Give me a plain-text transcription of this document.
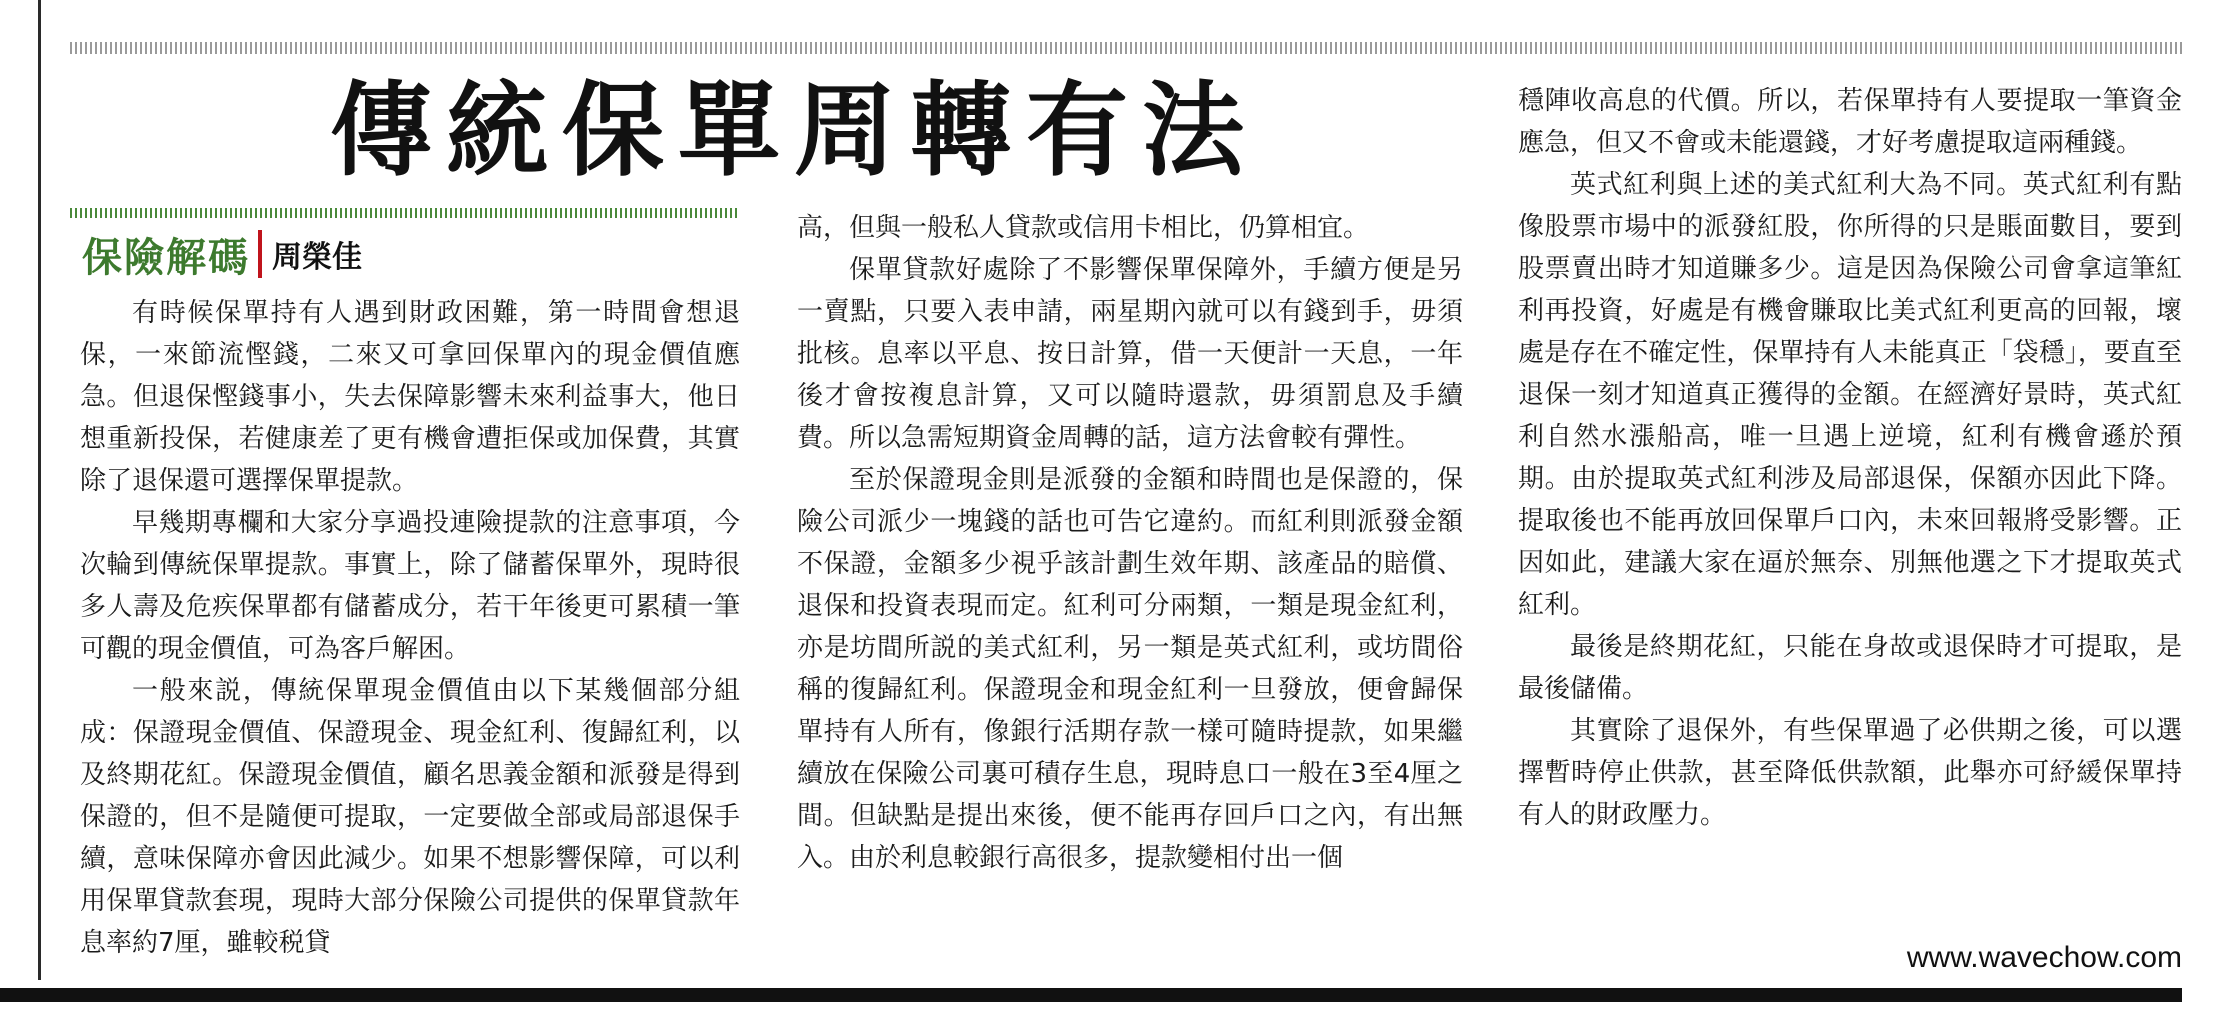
傳統保單周轉有法
保險解碼 周榮佳

有時候保單持有人遇到財政困難，第一時間會想退保，一來節流慳錢，二來又可拿回保單內的現金價值應急。但退保慳錢事小，失去保障影響未來利益事大，他日想重新投保，若健康差了更有機會遭拒保或加保費，其實除了退保還可選擇保單提款。

早幾期專欄和大家分享過投連險提款的注意事項，今次輪到傳統保單提款。事實上，除了儲蓄保單外，現時很多人壽及危疾保單都有儲蓄成分，若干年後更可累積一筆可觀的現金價值，可為客戶解困。

一般來説，傳統保單現金價值由以下某幾個部分組成：保證現金價值、保證現金、現金紅利、復歸紅利，以及終期花紅。保證現金價值，顧名思義金額和派發是得到保證的，但不是隨便可提取，一定要做全部或局部退保手續，意味保障亦會因此減少。如果不想影響保障，可以利用保單貸款套現，現時大部分保險公司提供的保單貸款年息率約7厘，雖較税貸

高，但與一般私人貸款或信用卡相比，仍算相宜。

保單貸款好處除了不影響保單保障外，手續方便是另一賣點，只要入表申請，兩星期內就可以有錢到手，毋須批核。息率以平息、按日計算，借一天便計一天息，一年後才會按複息計算，又可以隨時還款，毋須罰息及手續費。所以急需短期資金周轉的話，這方法會較有彈性。

至於保證現金則是派發的金額和時間也是保證的，保險公司派少一塊錢的話也可告它違約。而紅利則派發金額不保證，金額多少視乎該計劃生效年期、該產品的賠償、退保和投資表現而定。紅利可分兩類，一類是現金紅利，亦是坊間所説的美式紅利，另一類是英式紅利，或坊間俗稱的復歸紅利。保證現金和現金紅利一旦發放，便會歸保單持有人所有，像銀行活期存款一樣可隨時提款，如果繼續放在保險公司裏可積存生息，現時息口一般在3至4厘之間。但缺點是提出來後，便不能再存回戶口之內，有出無入。由於利息較銀行高很多，提款變相付出一個

穩陣收高息的代價。所以，若保單持有人要提取一筆資金應急，但又不會或未能還錢，才好考慮提取這兩種錢。

英式紅利與上述的美式紅利大為不同。英式紅利有點像股票市場中的派發紅股，你所得的只是賬面數目，要到股票賣出時才知道賺多少。這是因為保險公司會拿這筆紅利再投資，好處是有機會賺取比美式紅利更高的回報，壞處是存在不確定性，保單持有人未能真正「袋穩」，要直至退保一刻才知道真正獲得的金額。在經濟好景時，英式紅利自然水漲船高，唯一旦遇上逆境，紅利有機會遜於預期。由於提取英式紅利涉及局部退保，保額亦因此下降。提取後也不能再放回保單戶口內，未來回報將受影響。正因如此，建議大家在逼於無奈、別無他選之下才提取英式紅利。

最後是終期花紅，只能在身故或退保時才可提取，是最後儲備。

其實除了退保外，有些保單過了必供期之後，可以選擇暫時停止供款，甚至降低供款額，此舉亦可紓緩保單持有人的財政壓力。

www.wavechow.com
